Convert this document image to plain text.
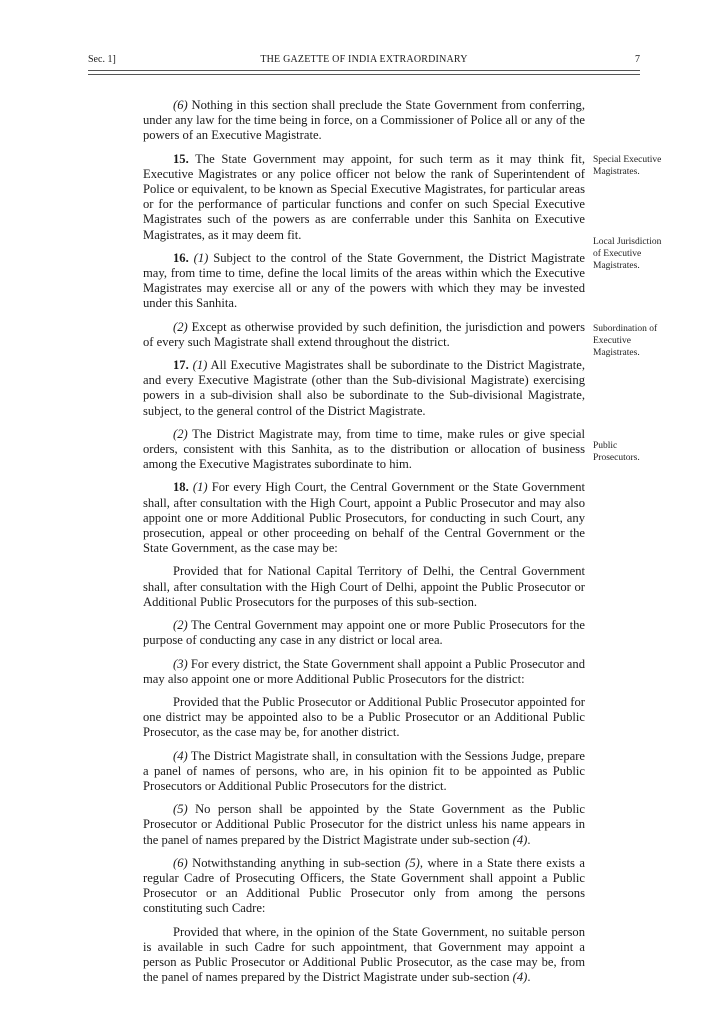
Sec. 1]	THE GAZETTE OF INDIA EXTRAORDINARY	7

(6) Nothing in this section shall preclude the State Government from conferring, under any law for the time being in force, on a Commissioner of Police all or any of the powers of an Executive Magistrate.

15. The State Government may appoint, for such term as it may think fit, Executive Magistrates or any police officer not below the rank of Superintendent of Police or equivalent, to be known as Special Executive Magistrates, for particular areas or for the performance of particular functions and confer on such Special Executive Magistrates such of the powers as are conferrable under this Sanhita on Executive Magistrates, as it may deem fit.

16. (1) Subject to the control of the State Government, the District Magistrate may, from time to time, define the local limits of the areas within which the Executive Magistrates may exercise all or any of the powers with which they may be invested under this Sanhita.

(2) Except as otherwise provided by such definition, the jurisdiction and powers of every such Magistrate shall extend throughout the district.

17. (1) All Executive Magistrates shall be subordinate to the District Magistrate, and every Executive Magistrate (other than the Sub-divisional Magistrate) exercising powers in a sub-division shall also be subordinate to the Sub-divisional Magistrate, subject, to the general control of the District Magistrate.

(2) The District Magistrate may, from time to time, make rules or give special orders, consistent with this Sanhita, as to the distribution or allocation of business among the Executive Magistrates subordinate to him.

18. (1) For every High Court, the Central Government or the State Government shall, after consultation with the High Court, appoint a Public Prosecutor and may also appoint one or more Additional Public Prosecutors, for conducting in such Court, any prosecution, appeal or other proceeding on behalf of the Central Government or the State Government, as the case may be:

Provided that for National Capital Territory of Delhi, the Central Government shall, after consultation with the High Court of Delhi, appoint the Public Prosecutor or Additional Public Prosecutors for the purposes of this sub-section.

(2) The Central Government may appoint one or more Public Prosecutors for the purpose of conducting any case in any district or local area.

(3) For every district, the State Government shall appoint a Public Prosecutor and may also appoint one or more Additional Public Prosecutors for the district:

Provided that the Public Prosecutor or Additional Public Prosecutor appointed for one district may be appointed also to be a Public Prosecutor or an Additional Public Prosecutor, as the case may be, for another district.

(4) The District Magistrate shall, in consultation with the Sessions Judge, prepare a panel of names of persons, who are, in his opinion fit to be appointed as Public Prosecutors or Additional Public Prosecutors for the district.

(5) No person shall be appointed by the State Government as the Public Prosecutor or Additional Public Prosecutor for the district unless his name appears in the panel of names prepared by the District Magistrate under sub-section (4).

(6) Notwithstanding anything in sub-section (5), where in a State there exists a regular Cadre of Prosecuting Officers, the State Government shall appoint a Public Prosecutor or an Additional Public Prosecutor only from among the persons constituting such Cadre:

Provided that where, in the opinion of the State Government, no suitable person is available in such Cadre for such appointment, that Government may appoint a person as Public Prosecutor or Additional Public Prosecutor, as the case may be, from the panel of names prepared by the District Magistrate under sub-section (4).

Special Executive Magistrates.
Local Jurisdiction of Executive Magistrates.
Subordination of Executive Magistrates.
Public Prosecutors.
